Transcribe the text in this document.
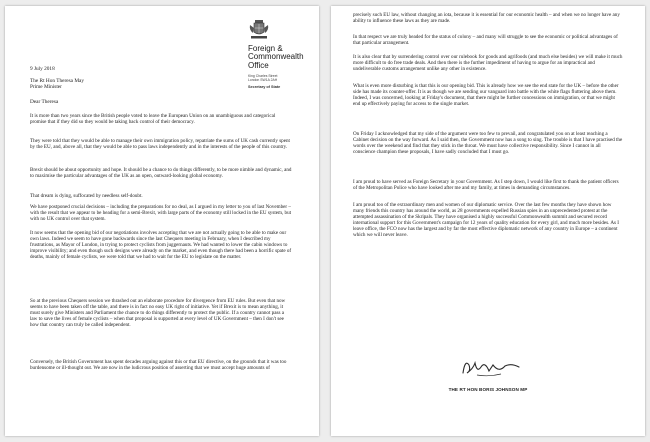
Foreign &
Commonwealth
Office
King Charles Street
London SW1A 2AH
Secretary of State
9 July 2018
The Rt Hon Theresa May
Prime Minister
Dear Theresa

It is more than two years since the British people voted to leave the European Union on an unambiguous and categorical promise that if they did so they would be taking back control of their democracy.

They were told that they would be able to manage their own immigration policy, repatriate the sums of UK cash currently spent by the EU, and, above all, that they would be able to pass laws independently and in the interests of the people of this country.

Brexit should be about opportunity and hope. It should be a chance to do things differently, to be more nimble and dynamic, and to maximise the particular advantages of the UK as an open, outward-looking global economy.

That dream is dying, suffocated by needless self-doubt.

We have postponed crucial decisions – including the preparations for no deal, as I argued in my letter to you of last November – with the result that we appear to be heading for a semi-Brexit, with large parts of the economy still locked in the EU system, but with no UK control over that system.

It now seems that the opening bid of our negotiations involves accepting that we are not actually going to be able to make our own laws. Indeed we seem to have gone backwards since the last Chequers meeting in February, when I described my frustrations, as Mayor of London, in trying to protect cyclists from juggernauts. We had wanted to lower the cabin windows to improve visibility; and even though such designs were already on the market, and even though there had been a horrific spate of deaths, mainly of female cyclists, we were told that we had to wait for the EU to legislate on the matter.

So at the previous Chequers session we thrashed out an elaborate procedure for divergence from EU rules. But even that now seems to have been taken off the table, and there is in fact no easy UK right of initiative. Yet if Brexit is to mean anything, it must surely give Ministers and Parliament the chance to do things differently to protect the public. If a country cannot pass a law to save the lives of female cyclists – when that proposal is supported at every level of UK Government – then I don't see how that country can truly be called independent.

Conversely, the British Government has spent decades arguing against this or that EU directive, on the grounds that it was too burdensome or ill-thought out. We are now in the ludicrous position of asserting that we must accept huge amounts of

precisely such EU law, without changing an iota, because it is essential for our economic health – and when we no longer have any ability to influence these laws as they are made.

In that respect we are truly headed for the status of colony – and many will struggle to see the economic or political advantages of that particular arrangement.

It is also clear that by surrendering control over our rulebook for goods and agrifoods (and much else besides) we will make it much more difficult to do free trade deals. And then there is the further impediment of having to argue for an impractical and undeliverable customs arrangement unlike any other in existence.

What is even more disturbing is that this is our opening bid. This is already how we see the end state for the UK – before the other side has made its counter-offer. It is as though we are sending our vanguard into battle with the white flags fluttering above them. Indeed, I was concerned, looking at Friday's document, that there might be further concessions on immigration, or that we might end up effectively paying for access to the single market.

On Friday I acknowledged that my side of the argument were too few to prevail, and congratulated you on at least reaching a Cabinet decision on the way forward. As I said then, the Government now has a song to sing. The trouble is that I have practised the words over the weekend and find that they stick in the throat. We must have collective responsibility. Since I cannot in all conscience champion these proposals, I have sadly concluded that I must go.

I am proud to have served as Foreign Secretary in your Government. As I step down, I would like first to thank the patient officers of the Metropolitan Police who have looked after me and my family, at times in demanding circumstances.

I am proud too of the extraordinary men and women of our diplomatic service. Over the last few months they have shown how many friends this country has around the world, as 28 governments expelled Russian spies in an unprecedented protest at the attempted assassination of the Skripals. They have organised a highly successful Commonwealth summit and secured record international support for this Government's campaign for 12 years of quality education for every girl, and much more besides. As I leave office, the FCO now has the largest and by far the most effective diplomatic network of any country in Europe – a continent which we will never leave.

THE RT HON BORIS JOHNSON MP
